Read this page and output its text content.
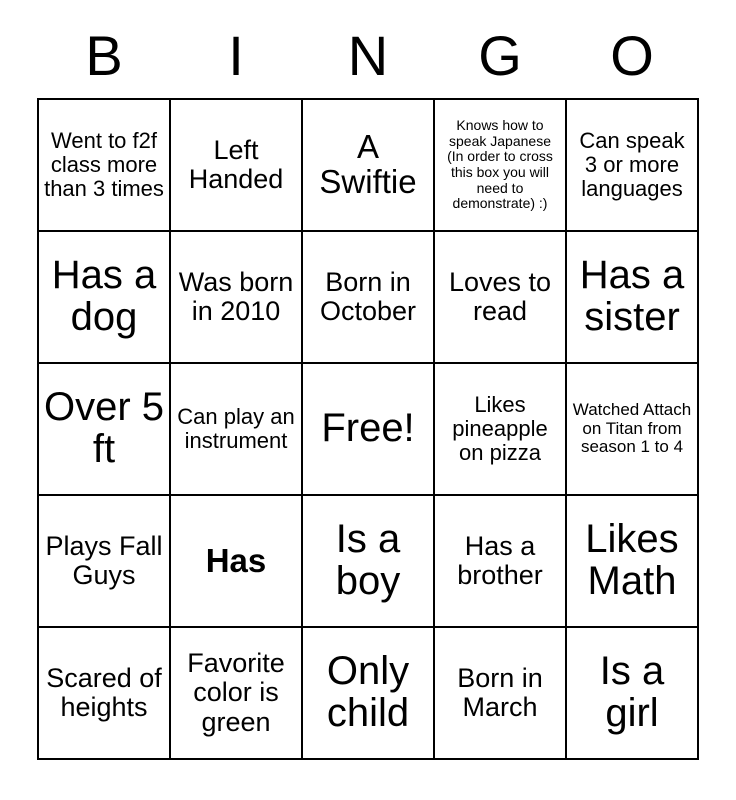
B	I	N	G	O
Went to f2f class more than 3 times	Left Handed	A Swiftie	Knows how to speak Japanese (In order to cross this box you will need to demonstrate) :)	Can speak 3 or more languages

Has a dog	Was born in 2010	Born in October	Loves to read	Has a sister

Over 5 ft	Can play an instrument	Free!	Likes pineapple on pizza	Watched Attach on Titan from season 1 to 4

Plays Fall Guys	Has	Is a boy	Has a brother	Likes Math

Scared of heights	Favorite color is green	Only child	Born in March	Is a girl
